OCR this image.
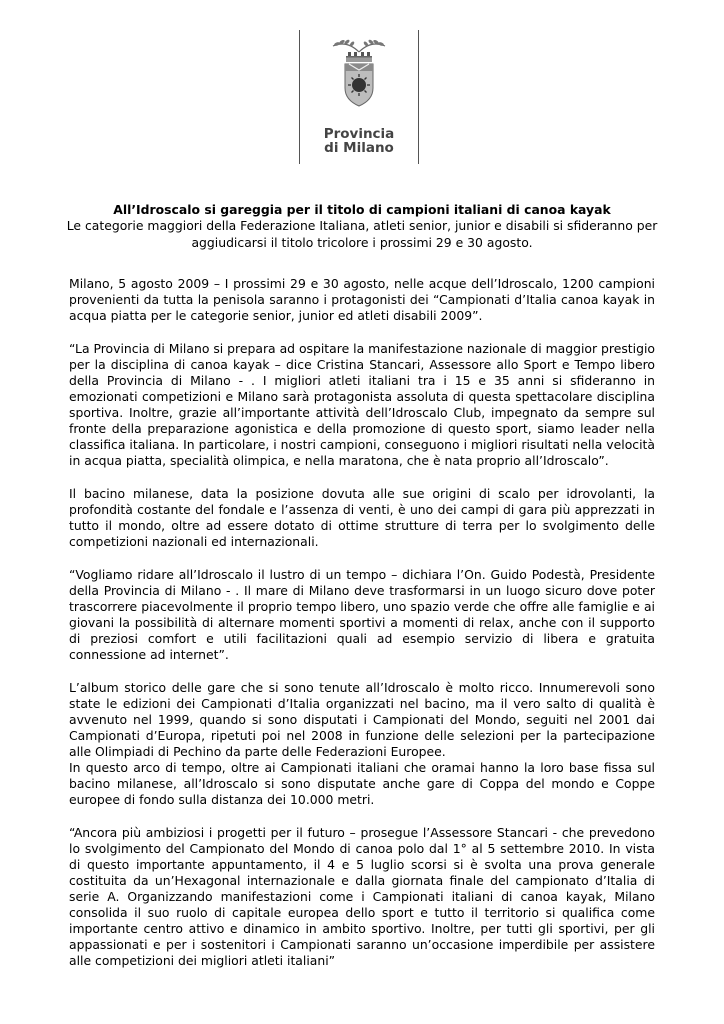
Provincia
di Milano
All’Idroscalo si gareggia per il titolo di campioni italiani di canoa kayak
Le categorie maggiori della Federazione Italiana, atleti senior, junior e disabili si sfideranno per aggiudicarsi il titolo tricolore i prossimi 29 e 30 agosto.

Milano, 5 agosto 2009 – I prossimi 29 e 30 agosto, nelle acque dell’Idroscalo, 1200 campioni provenienti da tutta la penisola saranno i protagonisti dei “Campionati d’Italia canoa kayak in acqua piatta per le categorie senior, junior ed atleti disabili 2009”.

“La Provincia di Milano si prepara ad ospitare la manifestazione nazionale di maggior prestigio per la disciplina di canoa kayak – dice Cristina Stancari, Assessore allo Sport e Tempo libero della Provincia di Milano - . I migliori atleti italiani tra i 15 e 35 anni si sfideranno in emozionati competizioni e Milano sarà protagonista assoluta di questa spettacolare disciplina sportiva. Inoltre, grazie all’importante attività dell’Idroscalo Club, impegnato da sempre sul fronte della preparazione agonistica e della promozione di questo sport, siamo leader nella classifica italiana. In particolare, i nostri campioni, conseguono i migliori risultati nella velocità in acqua piatta, specialità olimpica, e nella maratona, che è nata proprio all’Idroscalo”.

Il bacino milanese, data la posizione dovuta alle sue origini di scalo per idrovolanti, la profondità costante del fondale e l’assenza di venti, è uno dei campi di gara più apprezzati in tutto il mondo, oltre ad essere dotato di ottime strutture di terra per lo svolgimento delle competizioni nazionali ed internazionali.

“Vogliamo ridare all’Idroscalo il lustro di un tempo – dichiara l’On. Guido Podestà, Presidente della Provincia di Milano - . Il mare di Milano deve trasformarsi in un luogo sicuro dove poter trascorrere piacevolmente il proprio tempo libero, uno spazio verde che offre alle famiglie e ai giovani la possibilità di alternare momenti sportivi a momenti di relax, anche con il supporto di preziosi comfort e utili facilitazioni quali ad esempio servizio di libera e gratuita connessione ad internet”.

L’album storico delle gare che si sono tenute all’Idroscalo è molto ricco. Innumerevoli sono state le edizioni dei Campionati d’Italia organizzati nel bacino, ma il vero salto di qualità è avvenuto nel 1999, quando si sono disputati i Campionati del Mondo, seguiti nel 2001 dai Campionati d’Europa, ripetuti poi nel 2008 in funzione delle selezioni per la partecipazione alle Olimpiadi di Pechino da parte delle Federazioni Europee.

In questo arco di tempo, oltre ai Campionati italiani che oramai hanno la loro base fissa sul bacino milanese, all’Idroscalo si sono disputate anche gare di Coppa del mondo e Coppe europee di fondo sulla distanza dei 10.000 metri.

“Ancora più ambiziosi i progetti per il futuro – prosegue l’Assessore Stancari - che prevedono lo svolgimento del Campionato del Mondo di canoa polo dal 1° al 5 settembre 2010. In vista di questo importante appuntamento, il 4 e 5 luglio scorsi si è svolta una prova generale costituita da un’Hexagonal internazionale e dalla giornata finale del campionato d’Italia di serie A. Organizzando manifestazioni come i Campionati italiani di canoa kayak, Milano consolida il suo ruolo di capitale europea dello sport e tutto il territorio si qualifica come importante centro attivo e dinamico in ambito sportivo. Inoltre, per tutti gli sportivi, per gli appassionati e per i sostenitori i Campionati saranno un’occasione imperdibile per assistere alle competizioni dei migliori atleti italiani”
